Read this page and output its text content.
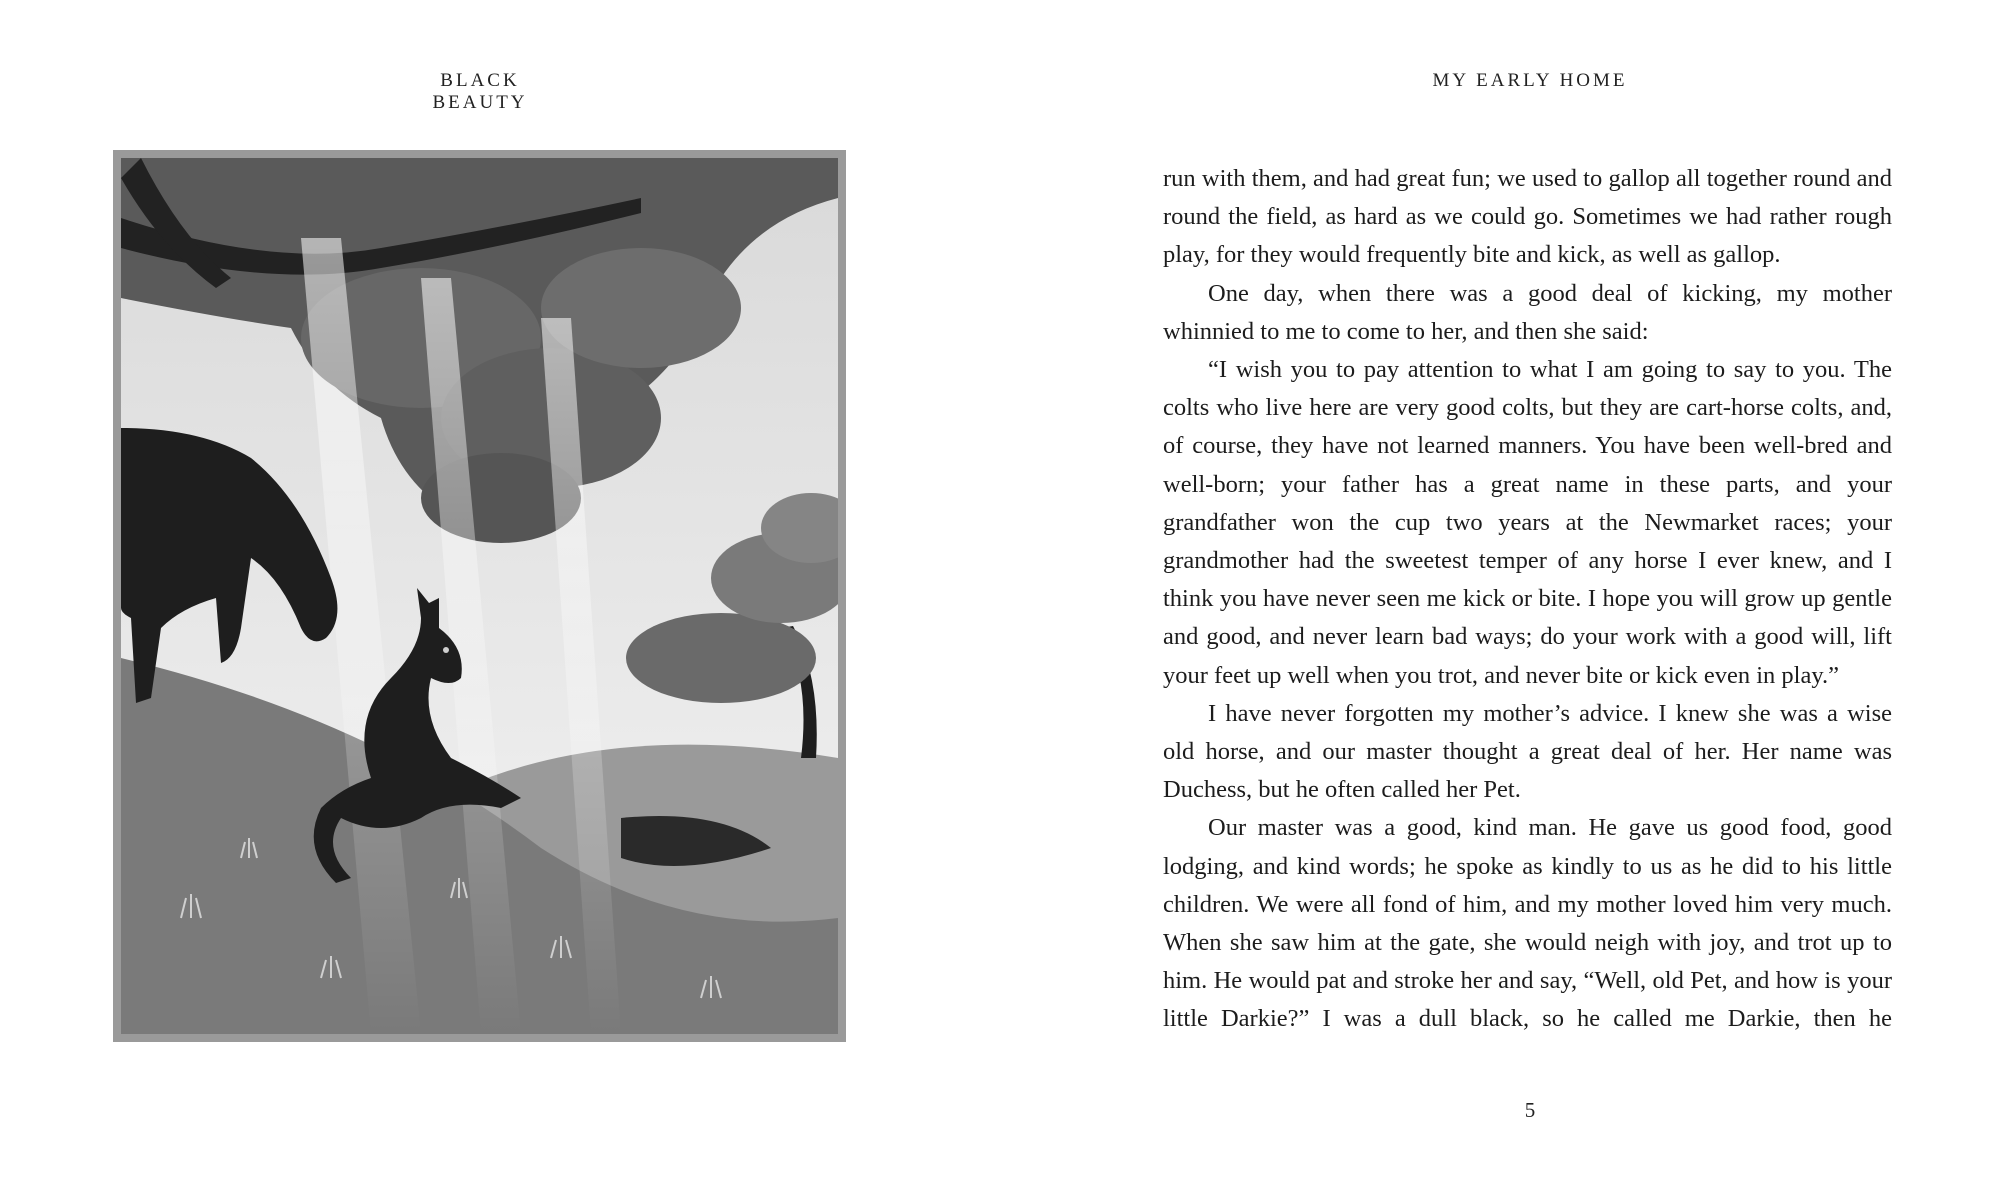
BLACK BEAUTY
MY EARLY HOME

run with them, and had great fun; we used to gallop all together round and round the field, as hard as we could go. Sometimes we had rather rough play, for they would frequently bite and kick, as well as gallop.

One day, when there was a good deal of kicking, my mother whinnied to me to come to her, and then she said:

“I wish you to pay attention to what I am going to say to you. The colts who live here are very good colts, but they are cart-horse colts, and, of course, they have not learned manners. You have been well-bred and well-born; your father has a great name in these parts, and your grandfather won the cup two years at the Newmarket races; your grandmother had the sweetest temper of any horse I ever knew, and I think you have never seen me kick or bite. I hope you will grow up gentle and good, and never learn bad ways; do your work with a good will, lift your feet up well when you trot, and never bite or kick even in play.”

I have never forgotten my mother’s advice. I knew she was a wise old horse, and our master thought a great deal of her. Her name was Duchess, but he often called her Pet.

Our master was a good, kind man. He gave us good food, good lodging, and kind words; he spoke as kindly to us as he did to his little children. We were all fond of him, and my mother loved him very much. When she saw him at the gate, she would neigh with joy, and trot up to him. He would pat and stroke her and say, “Well, old Pet, and how is your little Darkie?” I was a dull black, so he called me Darkie, then he

5
